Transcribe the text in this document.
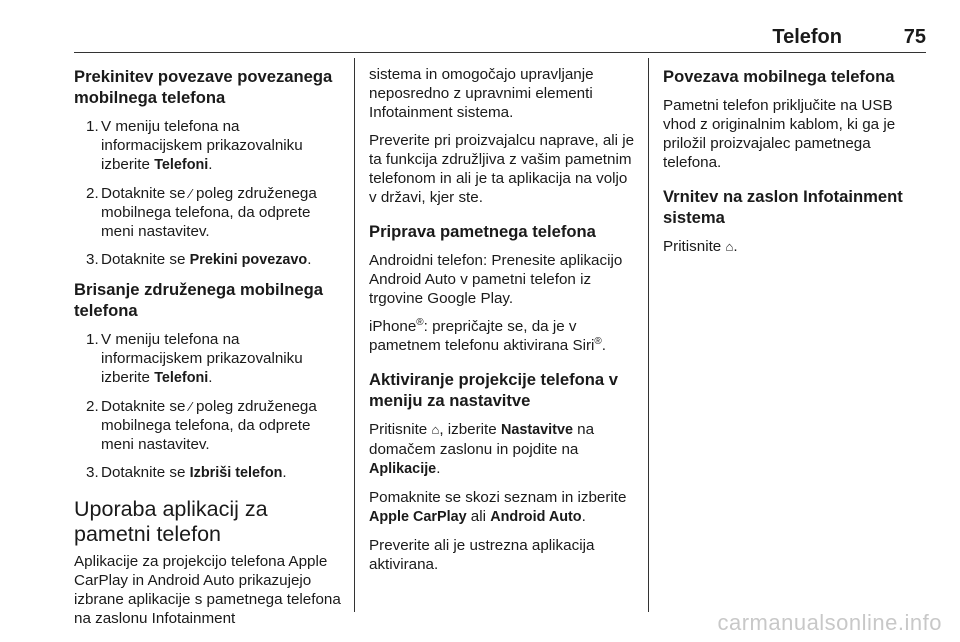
Telefon	75
Prekinitev povezave povezanega mobilnega telefona
1. V meniju telefona na informacijskem prikazovalniku izberite Telefoni.
2. Dotaknite se ∕ poleg združenega mobilnega telefona, da odprete meni nastavitev.
3. Dotaknite se Prekini povezavo.
Brisanje združenega mobilnega telefona
1. V meniju telefona na informacijskem prikazovalniku izberite Telefoni.
2. Dotaknite se ∕ poleg združenega mobilnega telefona, da odprete meni nastavitev.
3. Dotaknite se Izbriši telefon.
Uporaba aplikacij za pametni telefon
Aplikacije za projekcijo telefona Apple CarPlay in Android Auto prikazujejo izbrane aplikacije s pametnega telefona na zaslonu Infotainment
sistema in omogočajo upravljanje neposredno z upravnimi elementi Infotainment sistema.
Preverite pri proizvajalcu naprave, ali je ta funkcija združljiva z vašim pametnim telefonom in ali je ta aplikacija na voljo v državi, kjer ste.
Priprava pametnega telefona
Androidni telefon: Prenesite aplikacijo Android Auto v pametni telefon iz trgovine Google Play.
iPhone®: prepričajte se, da je v pametnem telefonu aktivirana Siri®.
Aktiviranje projekcije telefona v meniju za nastavitve
Pritisnite ⌂, izberite Nastavitve na domačem zaslonu in pojdite na Aplikacije.
Pomaknite se skozi seznam in izberite Apple CarPlay ali Android Auto.
Preverite ali je ustrezna aplikacija aktivirana.
Povezava mobilnega telefona
Pametni telefon priključite na USB vhod z originalnim kablom, ki ga je priložil proizvajalec pametnega telefona.
Vrnitev na zaslon Infotainment sistema
Pritisnite ⌂.
carmanualsonline.info
